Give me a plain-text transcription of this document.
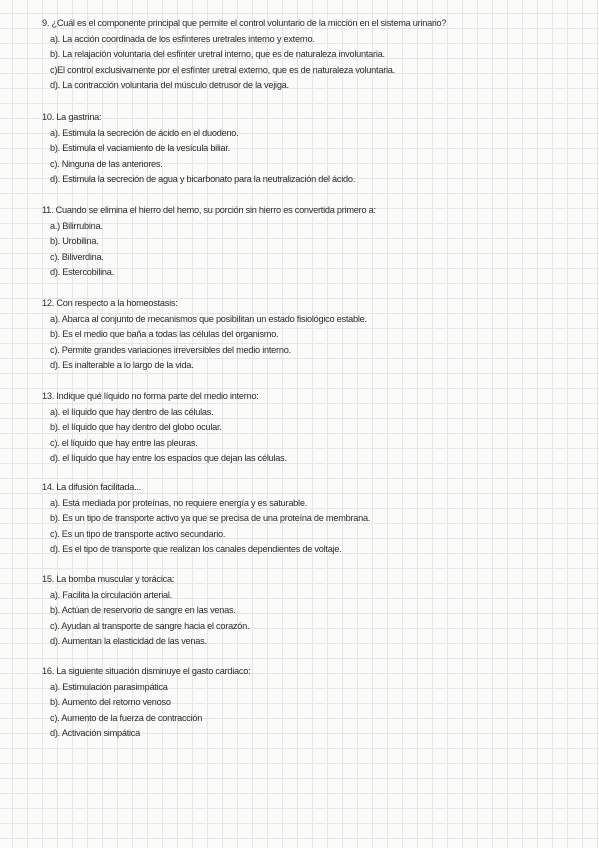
9. ¿Cuál es el componente principal que permite el control voluntario de la micción en el sistema urinario?
a). La acción coordinada de los esfínteres uretrales interno y externo.
b). La relajación voluntaria del esfínter uretral interno, que es de naturaleza involuntaria.
c)El control exclusivamente por el esfínter uretral externo, que es de naturaleza voluntaria.
d). La contracción voluntaria del músculo detrusor de la vejiga.
10. La gastrina:
a). Estimula la secreción de ácido en el duodeno.
b). Estimula el vaciamiento de la vesícula biliar.
c). Ninguna de las anteriores.
d). Estimula la secreción de agua y bicarbonato para la neutralización del ácido.
11. Cuando se elimina el hierro del hemo, su porción sin hierro es convertida primero a:
a.) Bilirrubina.
b). Urobilina.
c). Biliverdina.
d). Estercobilina.
12. Con respecto a la homeostasis:
a). Abarca al conjunto de mecanismos que posibilitan un estado fisiológico estable.
b). Es el medio que baña a todas las células del organismo.
c). Permite grandes variaciones irreversibles del medio interno.
d). Es inalterable a lo largo de la vida.
13. Indique qué líquido no forma parte del medio interno:
a). el líquido que hay dentro de las células.
b). el líquido que hay dentro del globo ocular.
c). el líquido que hay entre las pleuras.
d). el líquido que hay entre los espacios que dejan las células.
14. La difusión facilitada...
a). Está mediada por proteínas, no requiere energía y es saturable.
b). Es un tipo de transporte activo ya que se precisa de una proteína de membrana.
c). Es un tipo de transporte activo secundario.
d). Es el tipo de transporte que realizan los canales dependientes de voltaje.
15. La bomba muscular y torácica:
a). Facilita la circulación arterial.
b). Actúan de reservorio de sangre en las venas.
c). Ayudan al transporte de sangre hacia el corazón.
d). Aumentan la elasticidad de las venas.
16. La siguiente situación disminuye el gasto cardiaco:
a). Estimulación parasimpática
b). Aumento del retorno venoso
c). Aumento de la fuerza de contracción
d). Activación simpática
